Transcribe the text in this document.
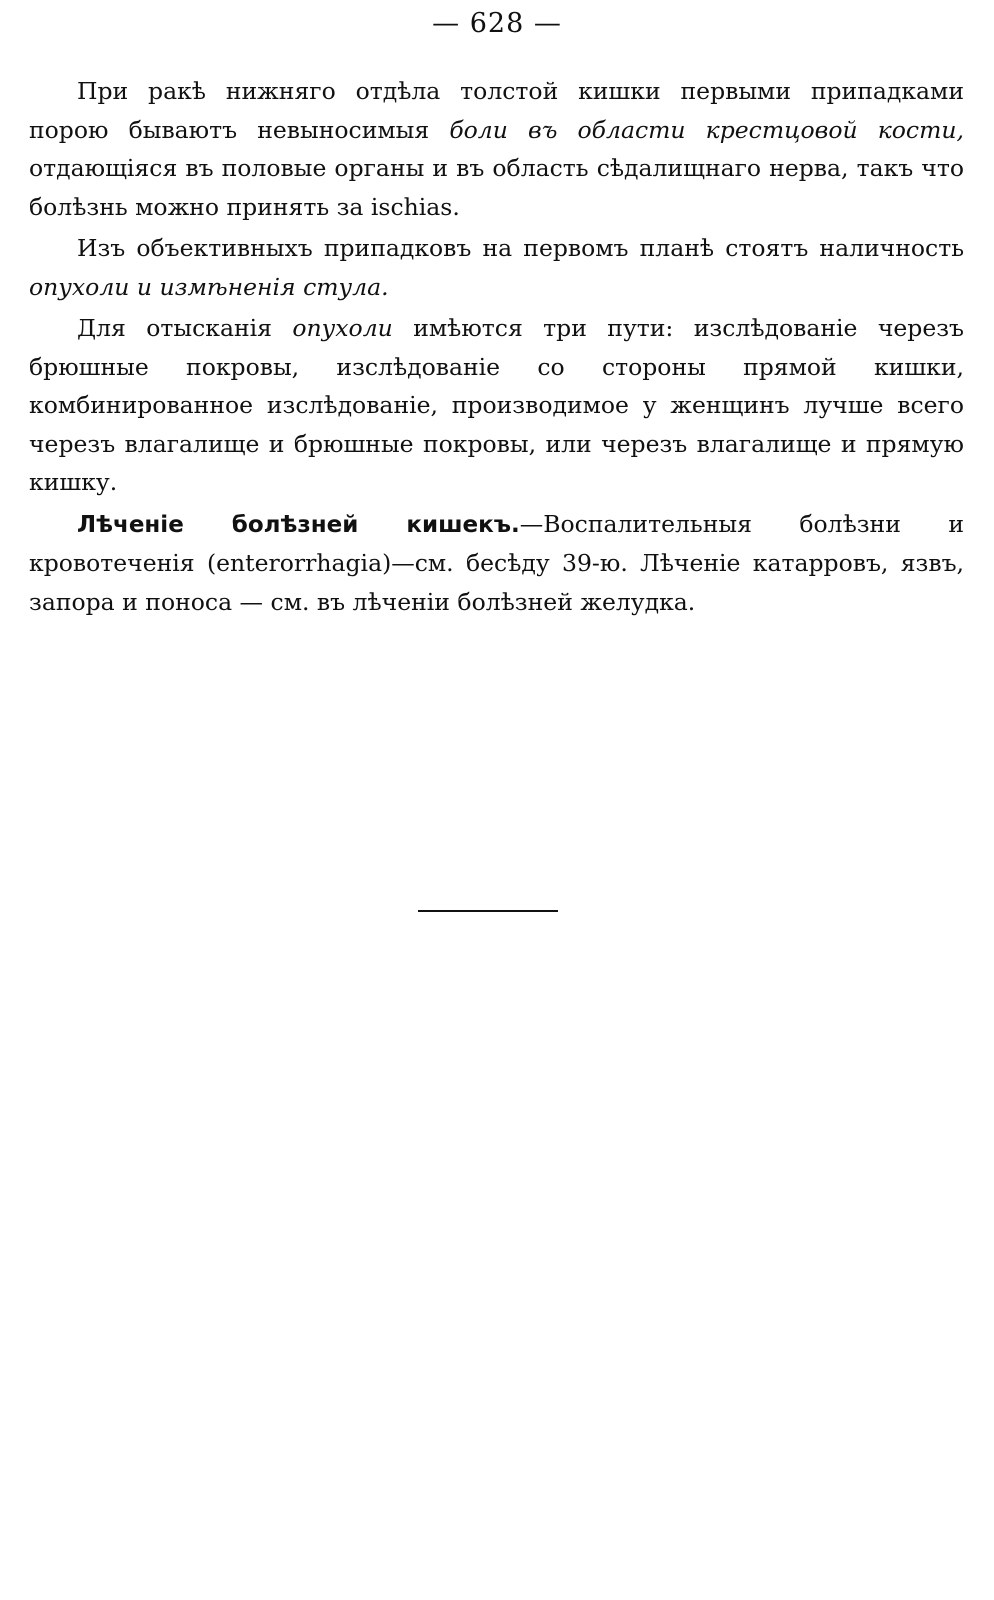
— 628 —

При ракѣ нижняго отдѣла толстой кишки первыми припадками порою бываютъ невыносимыя боли въ области крестцовой кости, отдающіяся въ половые органы и въ область сѣдалищнаго нерва, такъ что болѣзнь можно принять за ischias.

Изъ объективныхъ припадковъ на первомъ планѣ стоятъ наличность опухоли и измѣненія стула.

Для отысканія опухоли имѣются три пути: изслѣдованіе черезъ брюшные покровы, изслѣдованіе со стороны прямой кишки, комбинированное изслѣдованіе, производимое у женщинъ лучше всего черезъ влагалище и брюшные покровы, или черезъ влагалище и прямую кишку.

Лѣченіе болѣзней кишекъ.—Воспалительныя болѣзни и кровотеченія (enterorrhagia)—см. бесѣду 39-ю. Лѣченіе катарровъ, язвъ, запора и поноса — см. въ лѣченіи болѣзней желудка.
